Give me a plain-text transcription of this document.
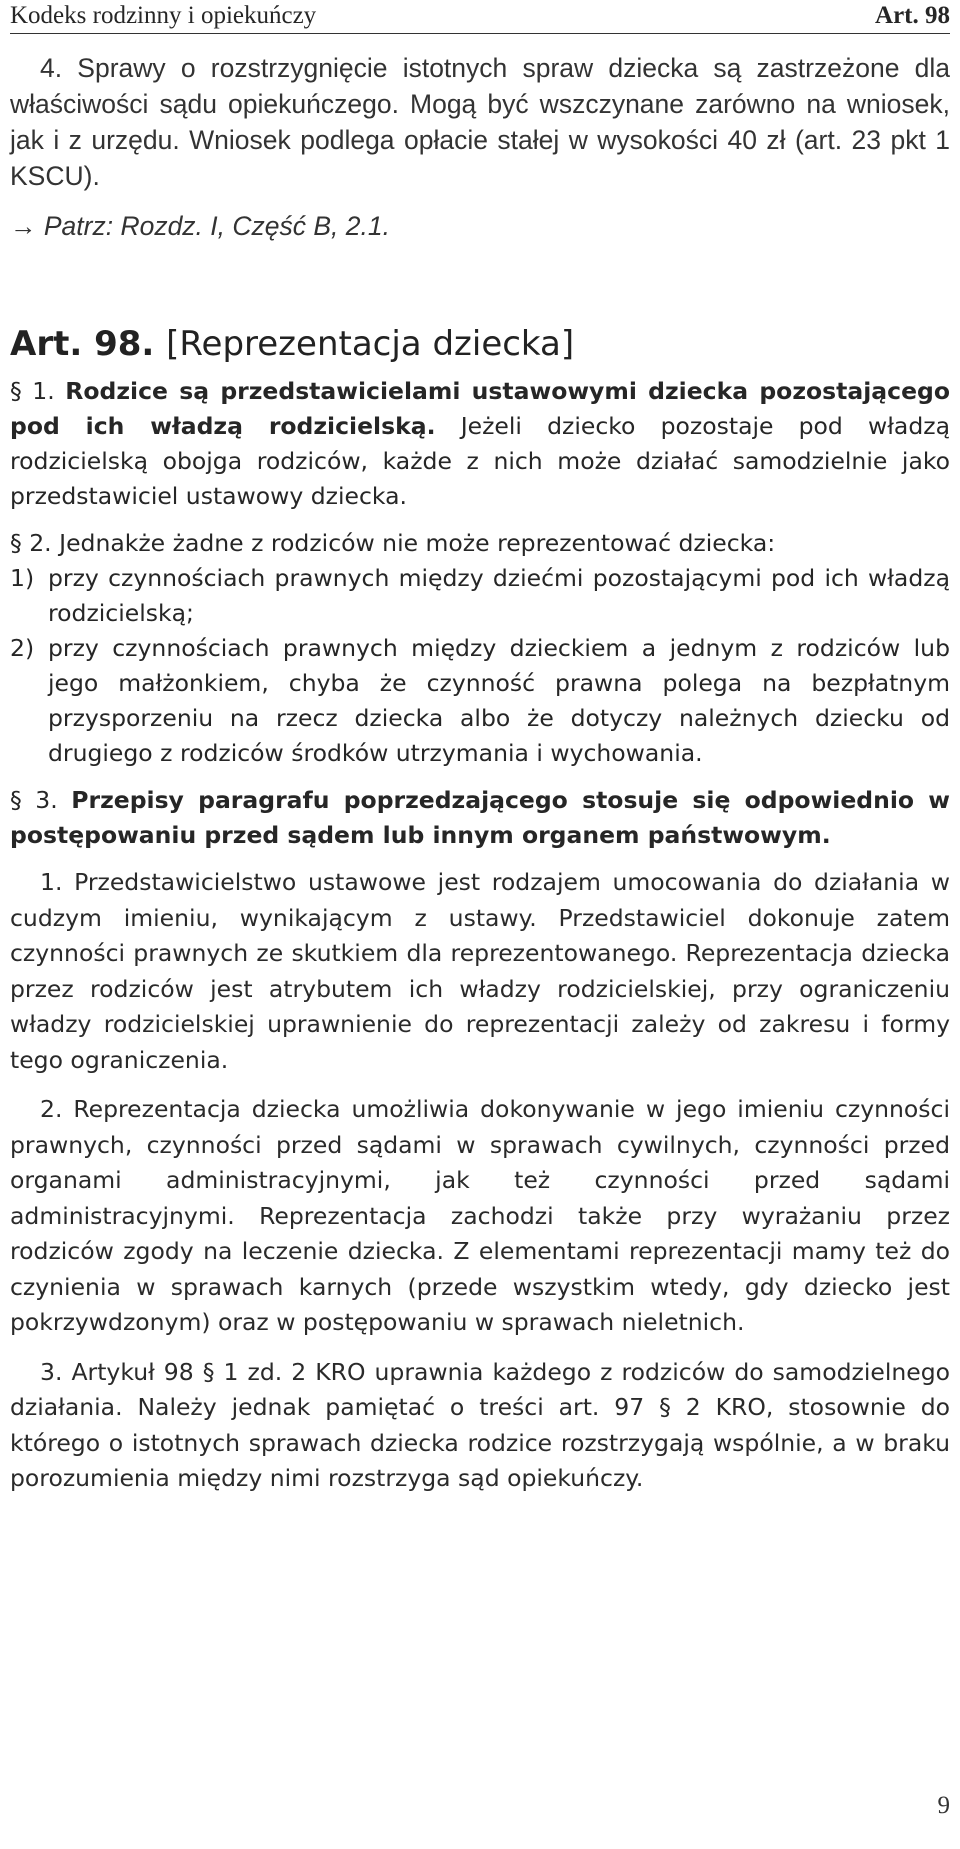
Kodeks rodzinny i opiekuńczy	Art. 98

4. Sprawy o rozstrzygnięcie istotnych spraw dziecka są zastrzeżone dla właściwości sądu opiekuńczego. Mogą być wszczynane zarówno na wniosek, jak i z urzędu. Wniosek podlega opłacie stałej w wysokości 40 zł (art. 23 pkt 1 KSCU).

→ Patrz: Rozdz. I, Część B, 2.1.
Art. 98. [Reprezentacja dziecka]

§ 1. Rodzice są przedstawicielami ustawowymi dziecka pozostającego pod ich władzą rodzicielską. Jeżeli dziecko pozostaje pod władzą rodzicielską obojga rodziców, każde z nich może działać samodzielnie jako przedstawiciel ustawowy dziecka.

§ 2. Jednakże żadne z rodziców nie może reprezentować dziecka:

1) przy czynnościach prawnych między dziećmi pozostającymi pod ich władzą rodzicielską;
2) przy czynnościach prawnych między dzieckiem a jednym z rodziców lub jego małżonkiem, chyba że czynność prawna polega na bezpłatnym przysporzeniu na rzecz dziecka albo że dotyczy należnych dziecku od drugiego z rodziców środków utrzymania i wychowania.

§ 3. Przepisy paragrafu poprzedzającego stosuje się odpowiednio w postępowaniu przed sądem lub innym organem państwowym.

1. Przedstawicielstwo ustawowe jest rodzajem umocowania do działania w cudzym imieniu, wynikającym z ustawy. Przedstawiciel dokonuje zatem czynności prawnych ze skutkiem dla reprezentowanego. Reprezentacja dziecka przez rodziców jest atrybutem ich władzy rodzicielskiej, przy ograniczeniu władzy rodzicielskiej uprawnienie do reprezentacji zależy od zakresu i formy tego ograniczenia.

2. Reprezentacja dziecka umożliwia dokonywanie w jego imieniu czynności prawnych, czynności przed sądami w sprawach cywilnych, czynności przed organami administracyjnymi, jak też czynności przed sądami administracyjnymi. Reprezentacja zachodzi także przy wyrażaniu przez rodziców zgody na leczenie dziecka. Z elementami reprezentacji mamy też do czynienia w sprawach karnych (przede wszystkim wtedy, gdy dziecko jest pokrzywdzonym) oraz w postępowaniu w sprawach nieletnich.

3. Artykuł 98 § 1 zd. 2 KRO uprawnia każdego z rodziców do samodzielnego działania. Należy jednak pamiętać o treści art. 97 § 2 KRO, stosownie do którego o istotnych sprawach dziecka rodzice rozstrzygają wspólnie, a w braku porozumienia między nimi rozstrzyga sąd opiekuńczy.

9
